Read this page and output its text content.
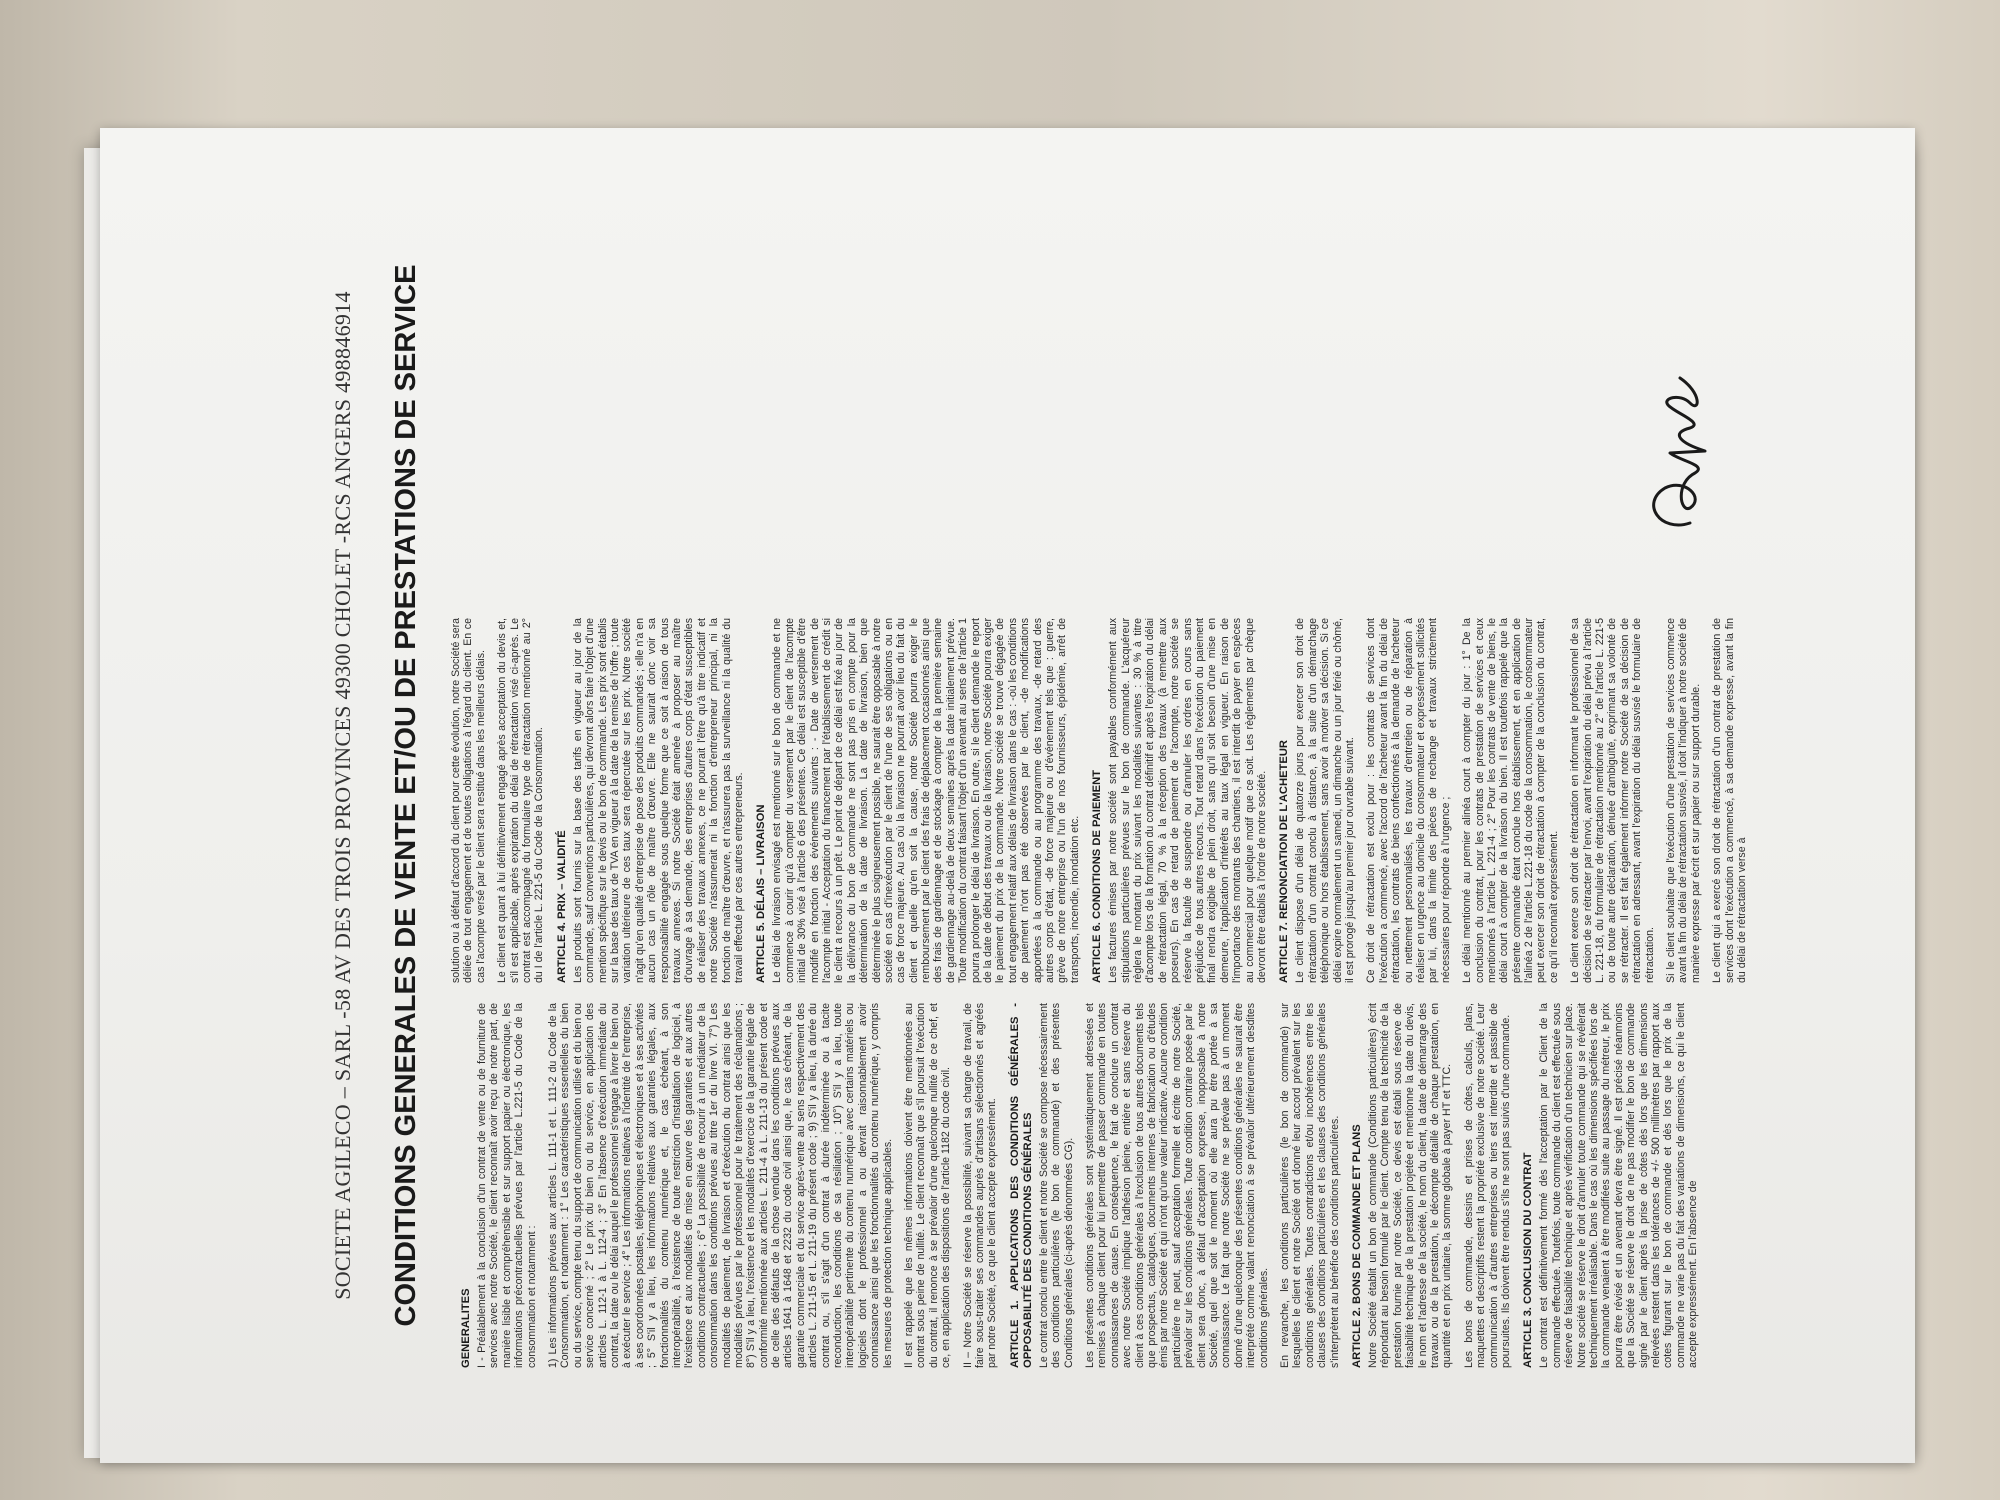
SOCIETE AGILECO – SARL -58 AV DES TROIS PROVINCES 49300 CHOLET -RCS ANGERS 498846914 CONDITIONS GENERALES DE VENTE ET/OU DE PRESTATIONS DE SERVICE
GENERALITES I - Préalablement à la conclusion d'un contrat de vente ou de fourniture de services avec notre Société, le client reconnaît avoir reçu de notre part, de manière lisible et compréhensible et sur support papier ou électronique, les informations précontractuelles prévues par l'article L.221-5 du Code de la consommation et notamment : 1) Les informations prévues aux articles L. 111-1 et L. 111-2 du Code de la Consommation, et notamment : 1° Les caractéristiques essentielles du bien ou du service, compte tenu du support de communication utilisé et du bien ou service concerné ; 2° Le prix du bien ou du service, en application des articles L. 112-1 à L. 112-4 ; 3° En l'absence d'exécution immédiate du contrat, la date ou le délai auquel le professionnel s'engage à livrer le bien ou à exécuter le service ; 4° Les informations relatives à l'identité de l'entreprise, à ses coordonnées postales, téléphoniques et électroniques et à ses activités ; 5° S'il y a lieu, les informations relatives aux garanties légales, aux fonctionnalités du contenu numérique et, le cas échéant, à son interopérabilité, à l'existence de toute restriction d'installation de logiciel, à l'existence et aux modalités de mise en œuvre des garanties et aux autres conditions contractuelles ; 6° La possibilité de recourir à un médiateur de la consommation dans les conditions prévues au titre 1er du livre VI. 7°) Les modalités de paiement, de livraison et d'exécution du contrat ainsi que les modalités prévues par le professionnel pour le traitement des réclamations ; 8°) S'il y a lieu, l'existence et les modalités d'exercice de la garantie légale de conformité mentionnée aux articles L. 211-4 à L. 211-13 du présent code et de celle des défauts de la chose vendue dans les conditions prévues aux articles 1641 à 1648 et 2232 du code civil ainsi que, le cas échéant, de la garantie commerciale et du service après-vente au sens respectivement des articles L. 211-15 et L. 211-19 du présent code ; 9) S'il y a lieu, la durée du contrat ou, s'il s'agit d'un contrat à durée indéterminée ou à tacite reconduction, les conditions de sa résiliation ; 10°) S'il y a lieu, toute interopérabilité pertinente du contenu numérique avec certains matériels ou logiciels dont le professionnel a ou devrait raisonnablement avoir connaissance ainsi que les fonctionnalités du contenu numérique, y compris les mesures de protection technique applicables. Il est rappelé que les mêmes informations doivent être mentionnées au contrat sous peine de nullité. Le client reconnaît que s'il poursuit l'exécution du contrat, il renonce à se prévaloir d'une quelconque nullité de ce chef, et ce, en application des dispositions de l'article 1182 du code civil. II – Notre Société se réserve la possibilité, suivant sa charge de travail, de faire sous-traiter ses commandes auprès d'artisans sélectionnés et agréés par notre Société, ce que le client accepte expressément. ARTICLE 1. APPLICATIONS DES CONDITIONS GÉNÉRALES - OPPOSABILITÉ DES CONDITIONS GÉNÉRALES Le contrat conclu entre le client et notre Société se compose nécessairement des conditions particulières (le bon de commande) et des présentes Conditions générales (ci-après dénommées CG). Les présentes conditions générales sont systématiquement adressées et remises à chaque client pour lui permettre de passer commande en toutes connaissances de cause. En conséquence, le fait de conclure un contrat avec notre Société implique l'adhésion pleine, entière et sans réserve du client à ces conditions générales à l'exclusion de tous autres documents tels que prospectus, catalogues, documents internes de fabrication ou d'études émis par notre Société et qui n'ont qu'une valeur indicative. Aucune condition particulière ne peut, sauf acceptation formelle et écrite de notre Société, prévaloir sur les conditions générales. Toute condition contraire posée par le client sera donc, à défaut d'acceptation expresse, inopposable à notre Société, quel que soit le moment où elle aura pu être portée à sa connaissance. Le fait que notre Société ne se prévale pas à un moment donné d'une quelconque des présentes conditions générales ne saurait être interprété comme valant renonciation à se prévaloir ultérieurement desdites conditions générales. En revanche, les conditions particulières (le bon de commande) sur lesquelles le client et notre Société ont donné leur accord prévalent sur les conditions générales. Toutes contradictions et/ou incohérences entre les clauses des conditions particulières et les clauses des conditions générales s'interprètent au bénéfice des conditions particulières. ARTICLE 2. BONS DE COMMANDE ET PLANS Notre Société établit un bon de commande (Conditions particulières) écrit répondant au besoin formulé par le client. Compte tenu de la technicité de la prestation fournie par notre Société, ce devis est établi sous réserve de faisabilité technique de la prestation projetée et mentionne la date du devis, le nom et l'adresse de la société, le nom du client, la date de démarrage des travaux ou de la prestation, le décompte détaillé de chaque prestation, en quantité et en prix unitaire, la somme globale à payer HT et TTC. Les bons de commande, dessins et prises de côtes, calculs, plans, maquettes et descriptifs restent la propriété exclusive de notre société. Leur communication à d'autres entreprises ou tiers est interdite et passible de poursuites. Ils doivent être rendus s'ils ne sont pas suivis d'une commande. ARTICLE 3. CONCLUSION DU CONTRAT Le contrat est définitivement formé dès l'acceptation par le Client de la commande effectuée. Toutefois, toute commande du client est effectuée sous réserve de faisabilité technique et après vérification d'un technicien sur place. Notre société se réserve le droit d'annuler toute commande qui se révélerait techniquement irréalisable. Dans le cas où les dimensions spécifiées lors de la commande venaient à être modifiées suite au passage du métreur, le prix pourra être révisé et un avenant devra être signé. Il est précisé néanmoins que la Société se réserve le droit de ne pas modifier le bon de commande signé par le client après la prise de côtes dès lors que les dimensions relevées restent dans les tolérances de +/- 500 millimètres par rapport aux cotes figurant sur le bon de commande et dès lors que le prix de la commande ne varie pas du fait des variations de dimensions, ce qui le client accepte expressément. En l'absence de

solution ou à défaut d'accord du client pour cette évolution, notre Société sera déliée de tout engagement et de toutes obligations à l'égard du client. En ce cas l'acompte versé par le client sera restitué dans les meilleurs délais. Le client est quant à lui définitivement engagé après acceptation du devis et, s'il est applicable, après expiration du délai de rétractation visé ci-après. Le contrat est accompagné du formulaire type de rétractation mentionné au 2° du I de l'article L. 221-5 du Code de la Consommation. ARTICLE 4. PRIX – VALIDITÉ Les produits sont fournis sur la base des tarifs en vigueur au jour de la commande, sauf conventions particulières, qui devront alors faire l'objet d'une mention spécifique sur le devis ou le bon de commande. Les prix sont établis sur la base des taux de TVA en vigueur à la date de la remise de l'offre ; toute variation ultérieure de ces taux sera répercutée sur les prix. Notre société n'agit qu'en qualité d'entreprise de pose des produits commandés ; elle n'a en aucun cas un rôle de maître d'œuvre. Elle ne saurait donc voir sa responsabilité engagée sous quelque forme que ce soit à raison de tous travaux annexes. Si notre Société était amenée à proposer au maître d'ouvrage à sa demande, des entreprises d'autres corps d'état susceptibles de réaliser des travaux annexes, ce ne pourrait l'être qu'à titre indicatif et notre Société n'assumerait ni la fonction d'entrepreneur principal, ni la fonction de maître d'œuvre, et n'assurera pas la surveillance ni la qualité du travail effectué par ces autres entrepreneurs. ARTICLE 5. DÉLAIS – LIVRAISON Le délai de livraison envisagé est mentionné sur le bon de commande et ne commence à courir qu'à compter du versement par le client de l'acompte initial de 30% visé à l'article 6 des présentes. Ce délai est susceptible d'être modifié en fonction des événements suivants : - Date de versement de l'acompte initial - Acceptation du financement par l'établissement de crédit si le client a recours à un prêt. Le point de départ de ce délai est fixé au jour de la délivrance du bon de commande ne sont pas pris en compte pour la détermination de la date de livraison. La date de livraison, bien que déterminée le plus soigneusement possible, ne saurait être opposable à notre société en cas d'inexécution par le client de l'une de ses obligations ou en cas de force majeure. Au cas où la livraison ne pourrait avoir lieu du fait du client et quelle qu'en soit la cause, notre Société pourra exiger le remboursement par le client des frais de déplacement occasionnés ainsi que des frais de gardiennage et de stockage à compter de la première semaine de gardiennage au-delà de deux semaines après la date initialement prévue. Toute modification du contrat faisant l'objet d'un avenant au sens de l'article 1 pourra prolonger le délai de livraison. En outre, si le client demande le report de la date de début des travaux ou de la livraison, notre Société pourra exiger le paiement du prix de la commande. Notre société se trouve dégagée de tout engagement relatif aux délais de livraison dans le cas : -où les conditions de paiement n'ont pas été observées par le client, -de modifications apportées à la commande ou au programme des travaux, -de retard des autres corps d'état, -de force majeure ou d'événement tels que : guerre, grève de notre entreprise ou l'un de nos fournisseurs, épidémie, arrêt de transports, incendie, inondation etc. ARTICLE 6. CONDITIONS DE PAIEMENT Les factures émises par notre société sont payables conformément aux stipulations particulières prévues sur le bon de commande. L'acquéreur règlera le montant du prix suivant les modalités suivantes : 30 % à titre d'acompte lors de la formation du contrat définitif et après l'expiration du délai de rétractation légal, 70 % à la réception des travaux (à remettre aux poseurs). En cas de retard de paiement de l'acompte, notre société se réserve la faculté de suspendre ou d'annuler les ordres en cours sans préjudice de tous autres recours. Tout retard dans l'exécution du paiement final rendra exigible de plein droit, sans qu'il soit besoin d'une mise en demeure, l'application d'intérêts au taux légal en vigueur. En raison de l'importance des montants des chantiers, il est interdit de payer en espèces au commercial pour quelque motif que ce soit. Les règlements par chèque devront être établis à l'ordre de notre société. ARTICLE 7. RENONCIATION DE L'ACHETEUR Le client dispose d'un délai de quatorze jours pour exercer son droit de rétractation d'un contrat conclu à distance, à la suite d'un démarchage téléphonique ou hors établissement, sans avoir à motiver sa décision. Si ce délai expire normalement un samedi, un dimanche ou un jour férié ou chômé, il est prorogé jusqu'au premier jour ouvrable suivant. Ce droit de rétractation est exclu pour : les contrats de services dont l'exécution a commencé, avec l'accord de l'acheteur avant la fin du délai de rétractation, les contrats de biens confectionnés à la demande de l'acheteur ou nettement personnalisés, les travaux d'entretien ou de réparation à réaliser en urgence au domicile du consommateur et expressément sollicités par lui, dans la limite des pièces de rechange et travaux strictement nécessaires pour répondre à l'urgence ; Le délai mentionné au premier alinéa court à compter du jour : 1° De la conclusion du contrat, pour les contrats de prestation de services et ceux mentionnés à l'article L. 221-4 ; 2° Pour les contrats de vente de biens, le délai court à compter de la livraison du bien. Il est toutefois rappelé que la présente commande étant conclue hors établissement, et en application de l'alinéa 2 de l'article L.221-18 du code de la consommation, le consommateur peut exercer son droit de rétractation à compter de la conclusion du contrat, ce qu'il reconnaît expressément. Le client exerce son droit de rétractation en informant le professionnel de sa décision de se rétracter par l'envoi, avant l'expiration du délai prévu à l'article L. 221-18, du formulaire de rétractation mentionné au 2° de l'article L. 221-5 ou de toute autre déclaration, dénuée d'ambiguïté, exprimant sa volonté de se rétracter. Il est fait également informer notre Société de sa décision de rétractation en adressant, avant l'expiration du délai susvisé le formulaire de rétractation. Si le client souhaite que l'exécution d'une prestation de services commence avant la fin du délai de rétractation susvisé, il doit l'indiquer à notre société de manière expresse par écrit et sur papier ou sur support durable. Le client qui a exercé son droit de rétractation d'un contrat de prestation de services dont l'exécution a commencé, à sa demande expresse, avant la fin du délai de rétractation verse à
